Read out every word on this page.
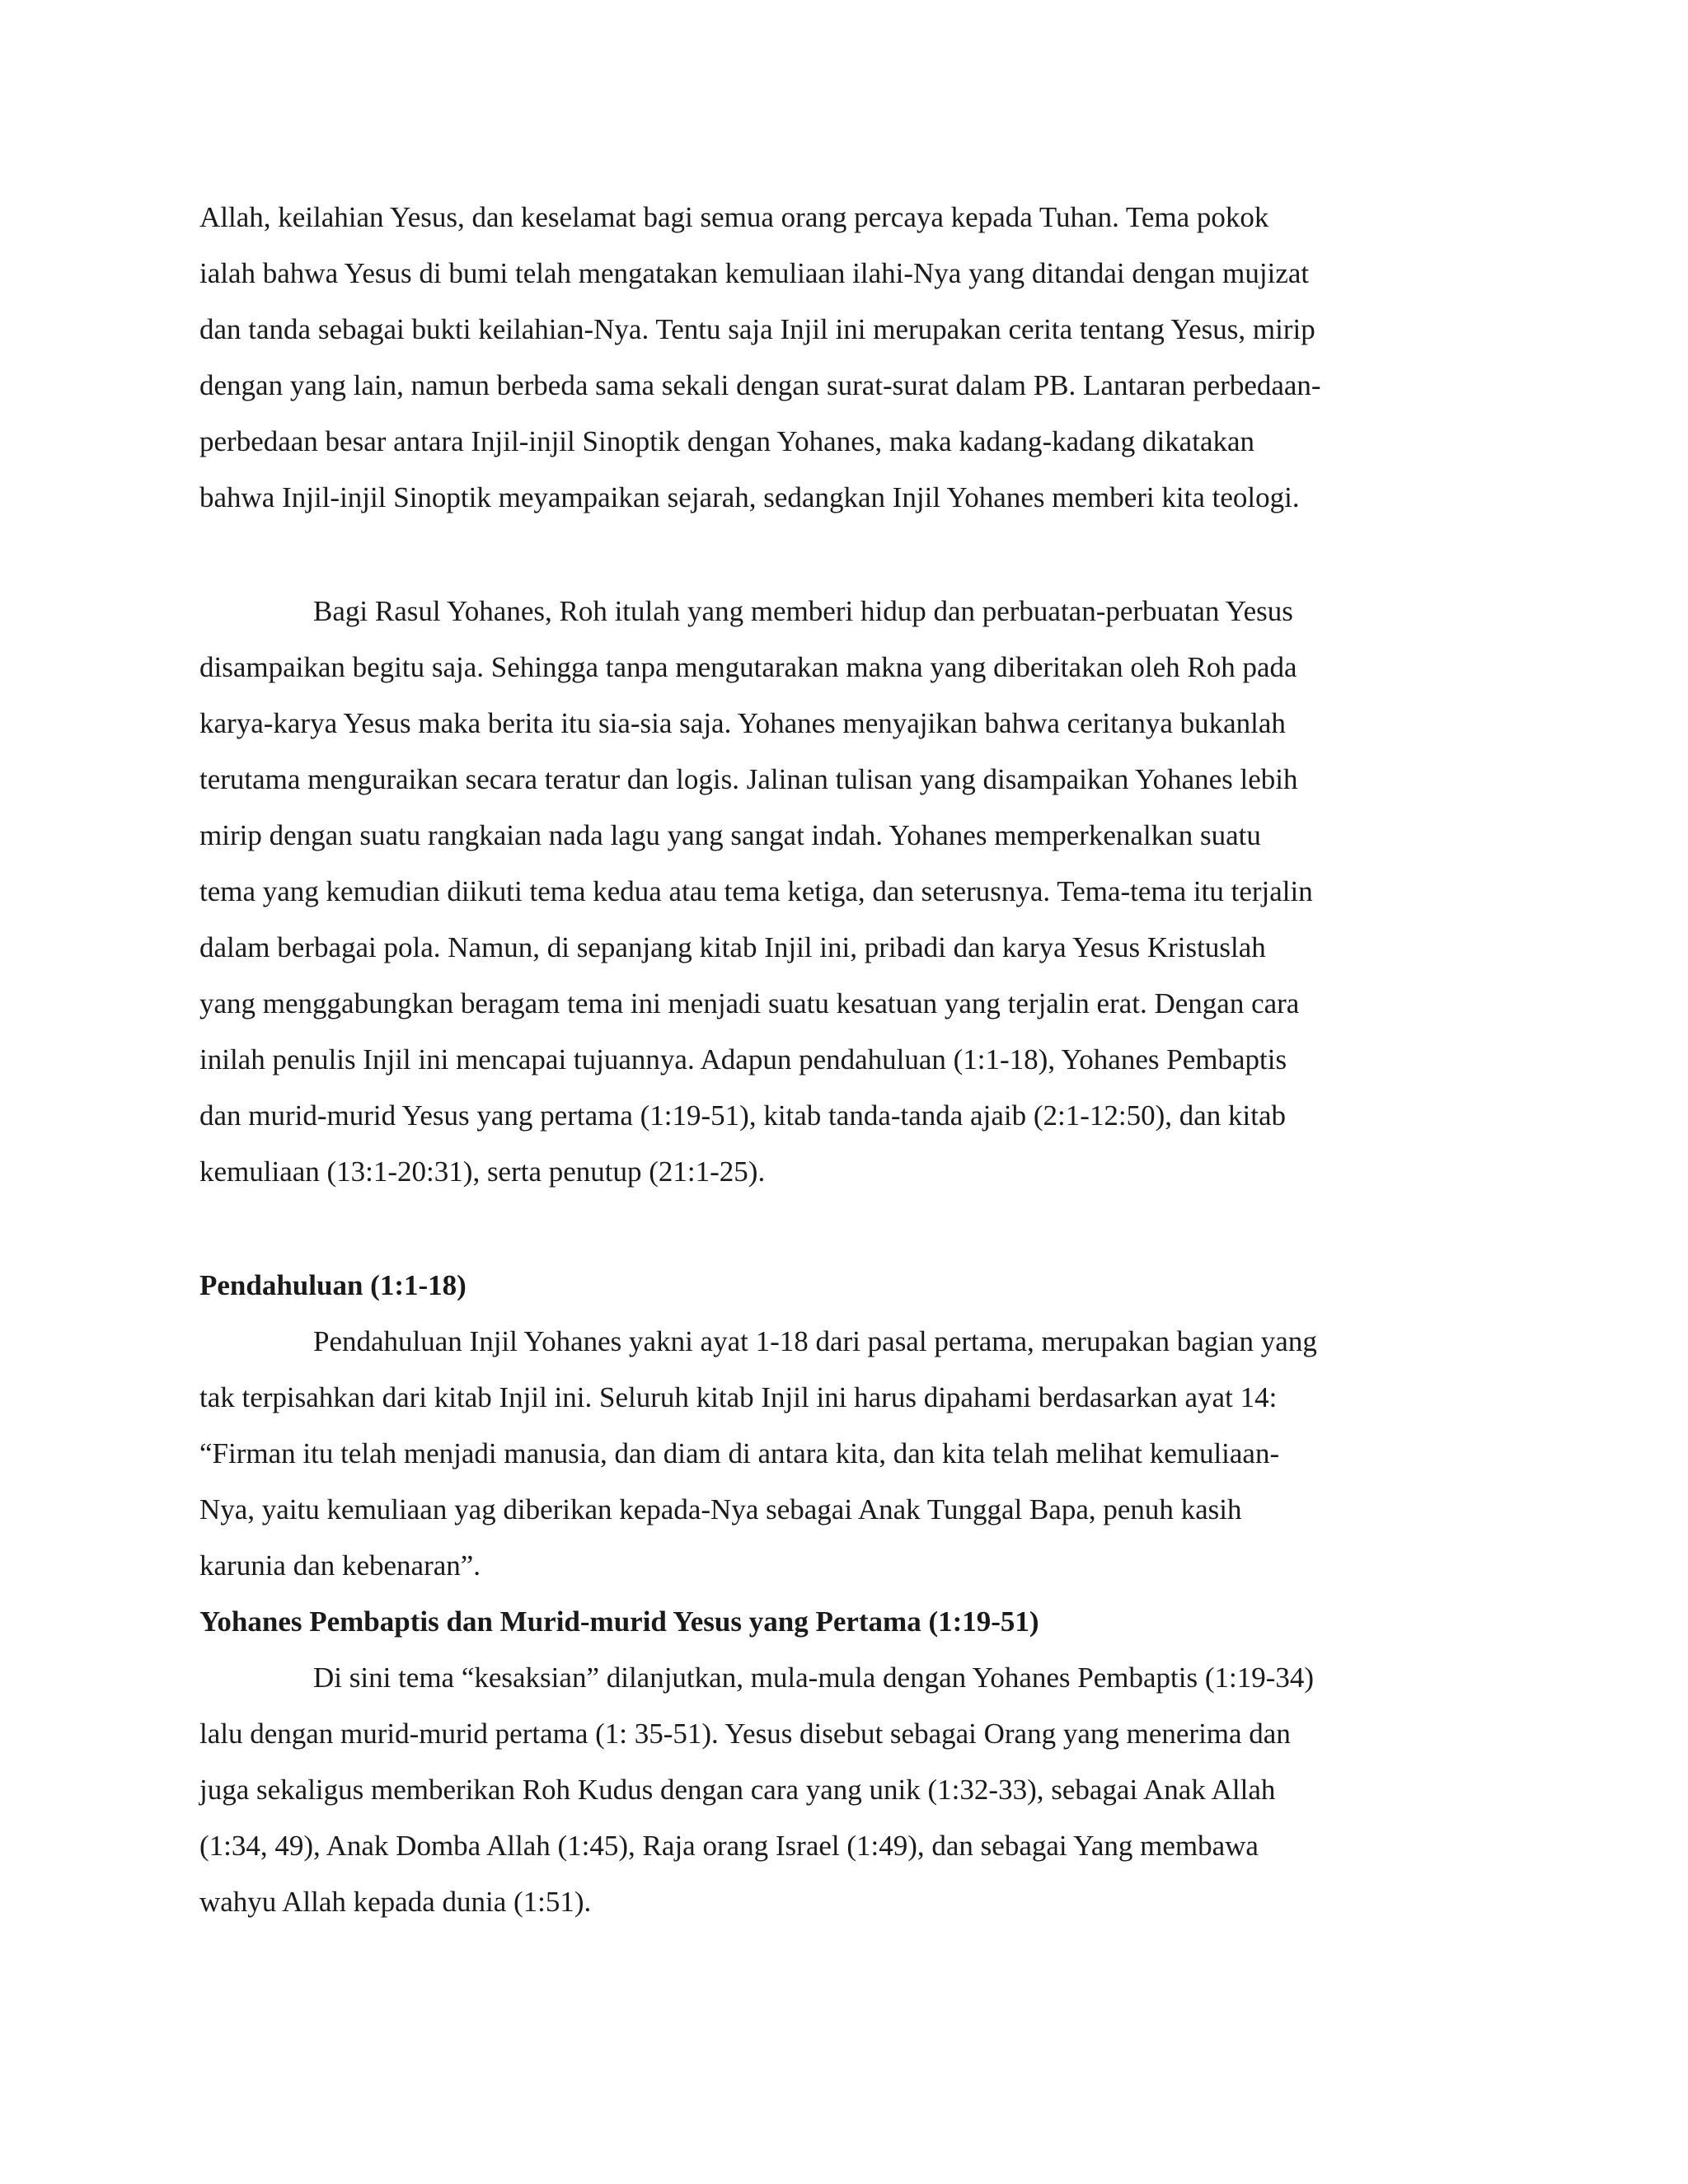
Allah, keilahian Yesus, dan keselamat bagi semua orang percaya kepada Tuhan. Tema pokok

ialah bahwa Yesus di bumi telah mengatakan kemuliaan ilahi-Nya yang ditandai dengan mujizat

dan tanda sebagai bukti keilahian-Nya. Tentu saja Injil ini merupakan cerita tentang Yesus, mirip

dengan yang lain, namun berbeda sama sekali dengan surat-surat dalam PB. Lantaran perbedaan-

perbedaan besar antara Injil-injil Sinoptik dengan Yohanes, maka kadang-kadang dikatakan

bahwa Injil-injil Sinoptik meyampaikan sejarah, sedangkan Injil Yohanes memberi kita teologi.

Bagi Rasul Yohanes, Roh itulah yang memberi hidup dan perbuatan-perbuatan Yesus

disampaikan begitu saja. Sehingga tanpa mengutarakan makna yang diberitakan oleh Roh pada

karya-karya Yesus maka berita itu sia-sia saja. Yohanes menyajikan bahwa ceritanya bukanlah

terutama menguraikan secara teratur dan logis. Jalinan tulisan yang disampaikan Yohanes lebih

mirip dengan suatu rangkaian nada lagu yang sangat indah. Yohanes memperkenalkan suatu

tema yang kemudian diikuti tema kedua atau tema ketiga, dan seterusnya. Tema-tema itu terjalin

dalam berbagai pola. Namun, di sepanjang kitab Injil ini, pribadi dan karya Yesus Kristuslah

yang menggabungkan beragam tema ini menjadi suatu kesatuan yang terjalin erat. Dengan cara

inilah penulis Injil ini mencapai tujuannya. Adapun pendahuluan (1:1-18), Yohanes Pembaptis

dan murid-murid Yesus yang pertama (1:19-51), kitab tanda-tanda ajaib (2:1-12:50), dan kitab

kemuliaan (13:1-20:31), serta penutup (21:1-25).

Pendahuluan (1:1-18)

Pendahuluan Injil Yohanes yakni ayat 1-18 dari pasal pertama, merupakan bagian yang

tak terpisahkan dari kitab Injil ini. Seluruh kitab Injil ini harus dipahami berdasarkan ayat 14:

“Firman itu telah menjadi manusia, dan diam di antara kita, dan kita telah melihat kemuliaan-

Nya, yaitu kemuliaan yag diberikan kepada-Nya sebagai Anak Tunggal Bapa, penuh kasih

karunia dan kebenaran”.

Yohanes Pembaptis dan Murid-murid Yesus yang Pertama (1:19-51)

Di sini tema “kesaksian” dilanjutkan, mula-mula dengan Yohanes Pembaptis (1:19-34)

lalu dengan murid-murid pertama (1: 35-51). Yesus disebut sebagai Orang yang menerima dan

juga sekaligus memberikan Roh Kudus dengan cara yang unik (1:32-33), sebagai Anak Allah

(1:34, 49), Anak Domba Allah (1:45), Raja orang Israel (1:49), dan sebagai Yang membawa

wahyu Allah kepada dunia (1:51).
